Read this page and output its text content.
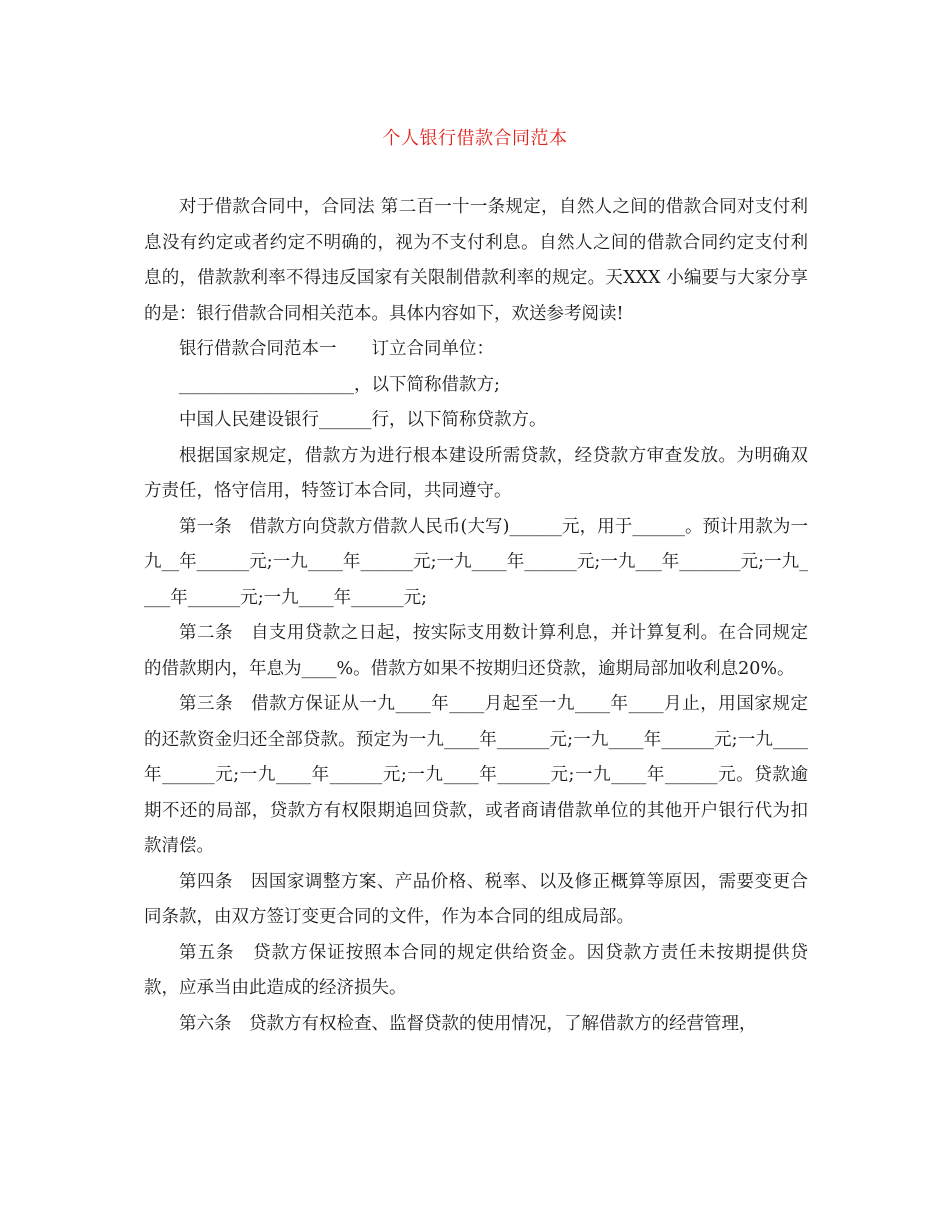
个人银行借款合同范本

对于借款合同中，合同法 第二百一十一条规定，自然人之间的借款合同对支付利息没有约定或者约定不明确的，视为不支付利息。自然人之间的借款合同约定支付利息的，借款款利率不得违反国家有关限制借款利率的规定。天XXX 小编要与大家分享的是：银行借款合同相关范本。具体内容如下，欢送参考阅读!

银行借款合同范本一　　订立合同单位：

____________________，以下简称借款方;

中国人民建设银行______行，以下简称贷款方。

根据国家规定，借款方为进行根本建设所需贷款，经贷款方审查发放。为明确双方责任，恪守信用，特签订本合同，共同遵守。

第一条　借款方向贷款方借款人民币(大写)______元，用于______。预计用款为一九__年______元;一九____年______元;一九____年______元;一九___年_______元;一九____年______元;一九____年______元;

第二条　自支用贷款之日起，按实际支用数计算利息，并计算复利。在合同规定的借款期内，年息为____%。借款方如果不按期归还贷款，逾期局部加收利息20%。

第三条　借款方保证从一九____年____月起至一九____年____月止，用国家规定的还款资金归还全部贷款。预定为一九____年______元;一九____年______元;一九____年______元;一九____年______元;一九____年______元;一九____年______元。贷款逾期不还的局部，贷款方有权限期追回贷款，或者商请借款单位的其他开户银行代为扣款清偿。

第四条　因国家调整方案、产品价格、税率、以及修正概算等原因，需要变更合同条款，由双方签订变更合同的文件，作为本合同的组成局部。

第五条　贷款方保证按照本合同的规定供给资金。因贷款方责任未按期提供贷款，应承当由此造成的经济损失。

第六条　贷款方有权检查、监督贷款的使用情况，了解借款方的经营管理，
